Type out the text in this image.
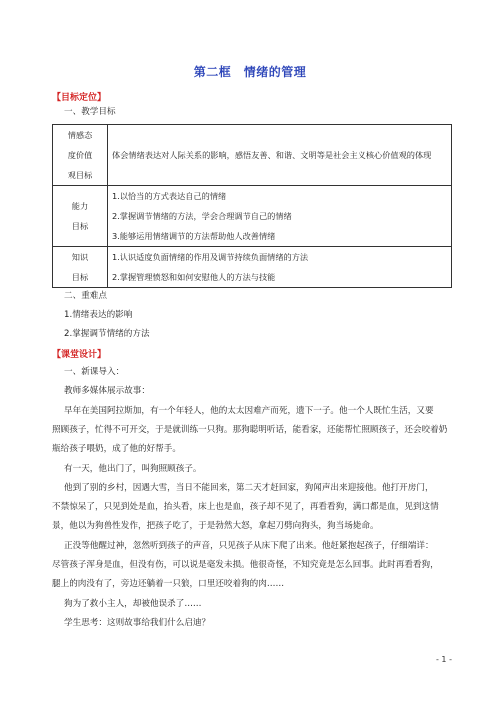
第二框　情绪的管理
【目标定位】
一、教学目标
情感态
度价值
观目标	体会情绪表达对人际关系的影响，感悟友善、和谐、文明等是社会主义核心价值观的体现

能力
目标	1.以恰当的方式表达自己的情绪
2.掌握调节情绪的方法，学会合理调节自己的情绪
3.能够运用情绪调节的方法帮助他人改善情绪

知识
目标	1.认识适度负面情绪的作用及调节持续负面情绪的方法
2.掌握管理愤怒和如何安慰他人的方法与技能
二、重难点
1.情绪表达的影响
2.掌握调节情绪的方法
【课堂设计】
一、新课导入：
教师多媒体展示故事：
早年在美国阿拉斯加，有一个年轻人，他的太太因难产而死，遗下一子。他一个人既忙生活，又要
照顾孩子，忙得不可开交，于是就训练一只狗。那狗聪明听话，能看家，还能帮忙照顾孩子，还会咬着奶
瓶给孩子喂奶，成了他的好帮手。
有一天，他出门了，叫狗照顾孩子。
他到了别的乡村，因遇大雪，当日不能回来，第二天才赶回家，狗闻声出来迎接他。他打开房门，
不禁惊呆了，只见到处是血，抬头看，床上也是血，孩子却不见了，再看看狗，满口都是血，见到这情
景，他以为狗兽性发作，把孩子吃了，于是勃然大怒，拿起刀劈向狗头，狗当场毙命。
正没等他醒过神，忽然听到孩子的声音，只见孩子从床下爬了出来。他赶紧抱起孩子，仔细端详：
尽管孩子浑身是血，但没有伤，可以说是毫发未损。他很奇怪，不知究竟是怎么回事。此时再看看狗，
腿上的肉没有了，旁边还躺着一只狼，口里还咬着狗的肉……
狗为了救小主人，却被他误杀了……
学生思考：这则故事给我们什么启迪？
- 1 -
